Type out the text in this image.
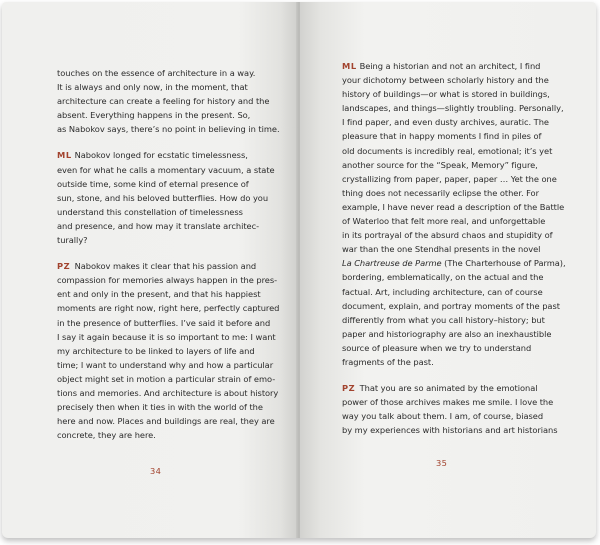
touches on the essence of architecture in a way.
It is always and only now, in the moment, that
architecture can create a feeling for history and the
absent. Everything happens in the present. So,
as Nabokov says, there’s no point in believing in time.
ML Nabokov longed for ecstatic timelessness,
even for what he calls a momentary vacuum, a state
outside time, some kind of eternal presence of
sun, stone, and his beloved butterflies. How do you
understand this constellation of timelessness
and presence, and how may it translate architec-
turally?
PZ Nabokov makes it clear that his passion and
compassion for memories always happen in the pres-
ent and only in the present, and that his happiest
moments are right now, right here, perfectly captured
in the presence of butterflies. I’ve said it before and
I say it again because it is so important to me: I want
my architecture to be linked to layers of life and
time; I want to understand why and how a particular
object might set in motion a particular strain of emo-
tions and memories. And architecture is about history
precisely then when it ties in with the world of the
here and now. Places and buildings are real, they are
concrete, they are here.
34
ML Being a historian and not an architect, I find
your dichotomy between scholarly history and the
history of buildings—or what is stored in buildings,
landscapes, and things—slightly troubling. Personally,
I find paper, and even dusty archives, auratic. The
pleasure that in happy moments I find in piles of
old documents is incredibly real, emotional; it’s yet
another source for the “Speak, Memory” figure,
crystallizing from paper, paper, paper … Yet the one
thing does not necessarily eclipse the other. For
example, I have never read a description of the Battle
of Waterloo that felt more real, and unforgettable
in its portrayal of the absurd chaos and stupidity of
war than the one Stendhal presents in the novel
La Chartreuse de Parme (The Charterhouse of Parma),
bordering, emblematically, on the actual and the
factual. Art, including architecture, can of course
document, explain, and portray moments of the past
differently from what you call history–history; but
paper and historiography are also an inexhaustible
source of pleasure when we try to understand
fragments of the past.
PZ That you are so animated by the emotional
power of those archives makes me smile. I love the
way you talk about them. I am, of course, biased
by my experiences with historians and art historians
35
